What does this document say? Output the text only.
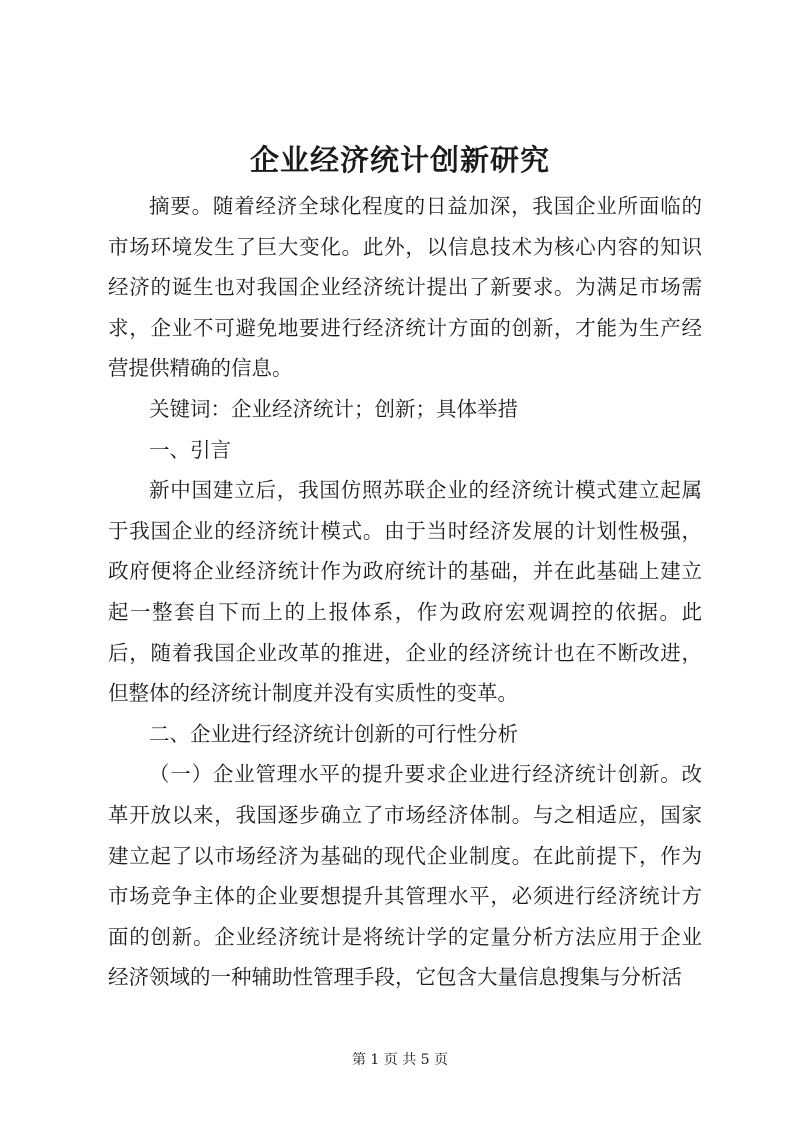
企业经济统计创新研究

摘要。随着经济全球化程度的日益加深，我国企业所面临的市场环境发生了巨大变化。此外，以信息技术为核心内容的知识经济的诞生也对我国企业经济统计提出了新要求。为满足市场需求，企业不可避免地要进行经济统计方面的创新，才能为生产经营提供精确的信息。

关键词：企业经济统计；创新；具体举措

一、引言

新中国建立后，我国仿照苏联企业的经济统计模式建立起属于我国企业的经济统计模式。由于当时经济发展的计划性极强，政府便将企业经济统计作为政府统计的基础，并在此基础上建立起一整套自下而上的上报体系，作为政府宏观调控的依据。此后，随着我国企业改革的推进，企业的经济统计也在不断改进，但整体的经济统计制度并没有实质性的变革。

二、企业进行经济统计创新的可行性分析

（一）企业管理水平的提升要求企业进行经济统计创新。改革开放以来，我国逐步确立了市场经济体制。与之相适应，国家建立起了以市场经济为基础的现代企业制度。在此前提下，作为市场竞争主体的企业要想提升其管理水平，必须进行经济统计方面的创新。企业经济统计是将统计学的定量分析方法应用于企业经济领域的一种辅助性管理手段，它包含大量信息搜集与分析活

第 1 页 共 5 页
